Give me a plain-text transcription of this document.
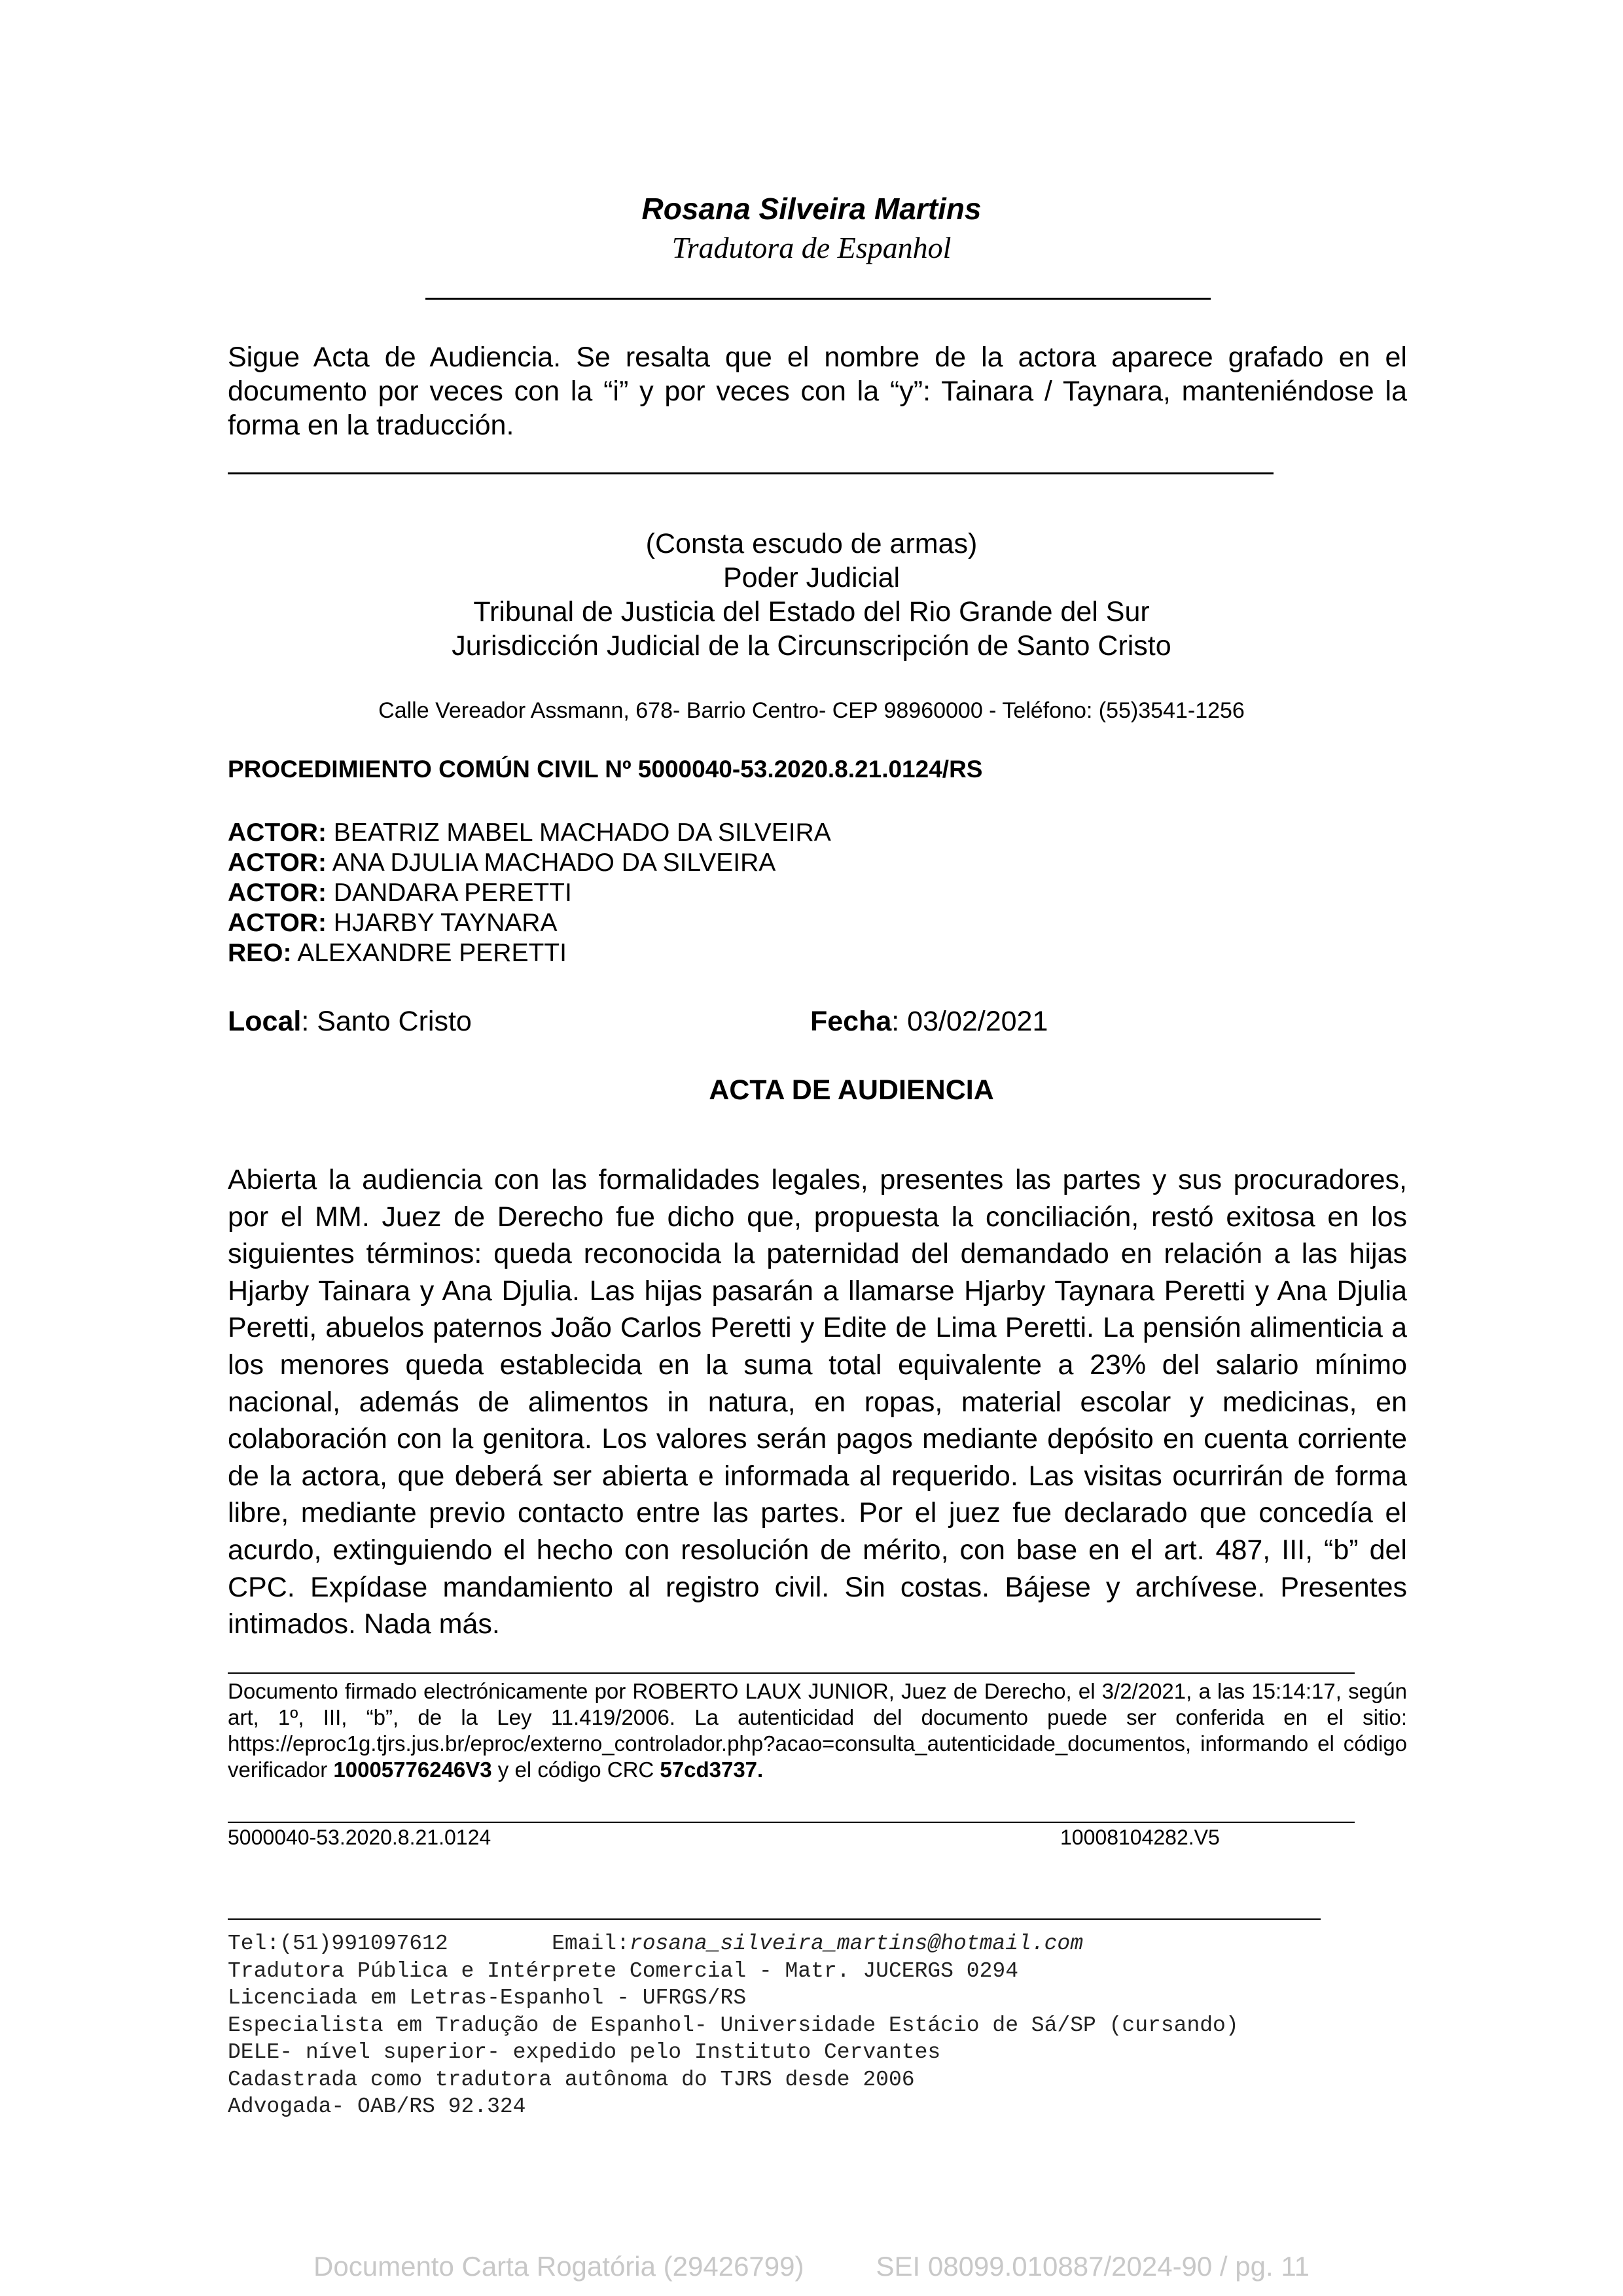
Rosana Silveira Martins
Tradutora de Espanhol
Sigue Acta de Audiencia. Se resalta que el nombre de la actora aparece grafado en el documento por veces con la “i” y por veces con la “y”: Tainara / Taynara, manteniéndose la forma en la traducción.
(Consta escudo de armas)
Poder Judicial
Tribunal de Justicia del Estado del Rio Grande del Sur
Jurisdicción Judicial de la Circunscripción de Santo Cristo
Calle Vereador Assmann, 678- Barrio Centro- CEP 98960000 - Teléfono: (55)3541-1256
PROCEDIMIENTO COMÚN CIVIL Nº 5000040-53.2020.8.21.0124/RS
ACTOR: BEATRIZ MABEL MACHADO DA SILVEIRA
ACTOR: ANA DJULIA MACHADO DA SILVEIRA
ACTOR: DANDARA PERETTI
ACTOR: HJARBY TAYNARA
REO: ALEXANDRE PERETTI
Local: Santo Cristo	Fecha: 03/02/2021
ACTA DE AUDIENCIA
Abierta la audiencia con las formalidades legales, presentes las partes y sus procuradores, por el MM. Juez de Derecho fue dicho que, propuesta la conciliación, restó exitosa en los siguientes términos: queda reconocida la paternidad del demandado en relación a las hijas Hjarby Tainara y Ana Djulia. Las hijas pasarán a llamarse Hjarby Taynara Peretti y Ana Djulia Peretti, abuelos paternos João Carlos Peretti y Edite de Lima Peretti. La pensión alimenticia a los menores queda establecida en la suma total equivalente a 23% del salario mínimo nacional, además de alimentos in natura, en ropas, material escolar y medicinas, en colaboración con la genitora. Los valores serán pagos mediante depósito en cuenta corriente de la actora, que deberá ser abierta e informada al requerido. Las visitas ocurrirán de forma libre, mediante previo contacto entre las partes. Por el juez fue declarado que concedía el acurdo, extinguiendo el hecho con resolución de mérito, con base en el art. 487, III, “b” del CPC. Expídase mandamiento al registro civil. Sin costas. Bájese y archívese. Presentes intimados. Nada más.
Documento firmado electrónicamente por ROBERTO LAUX JUNIOR, Juez de Derecho, el 3/2/2021, a las 15:14:17, según art, 1º, III, “b”, de la Ley 11.419/2006. La autenticidad del documento puede ser conferida en el sitio: https://eproc1g.tjrs.jus.br/eproc/externo_controlador.php?acao=consulta_autenticidade_documentos, informando el código verificador 10005776246V3 y el código CRC 57cd3737.
5000040-53.2020.8.21.0124	10008104282.V5
Tel:(51)991097612	Email:rosana_silveira_martins@hotmail.com
Tradutora Pública e Intérprete Comercial - Matr. JUCERGS 0294
Licenciada em Letras-Espanhol - UFRGS/RS
Especialista em Tradução de Espanhol- Universidade Estácio de Sá/SP (cursando)
DELE- nível superior- expedido pelo Instituto Cervantes
Cadastrada como tradutora autônoma do TJRS desde 2006
Advogada- OAB/RS 92.324
Documento Carta Rogatória (29426799)	SEI 08099.010887/2024-90 / pg. 11
